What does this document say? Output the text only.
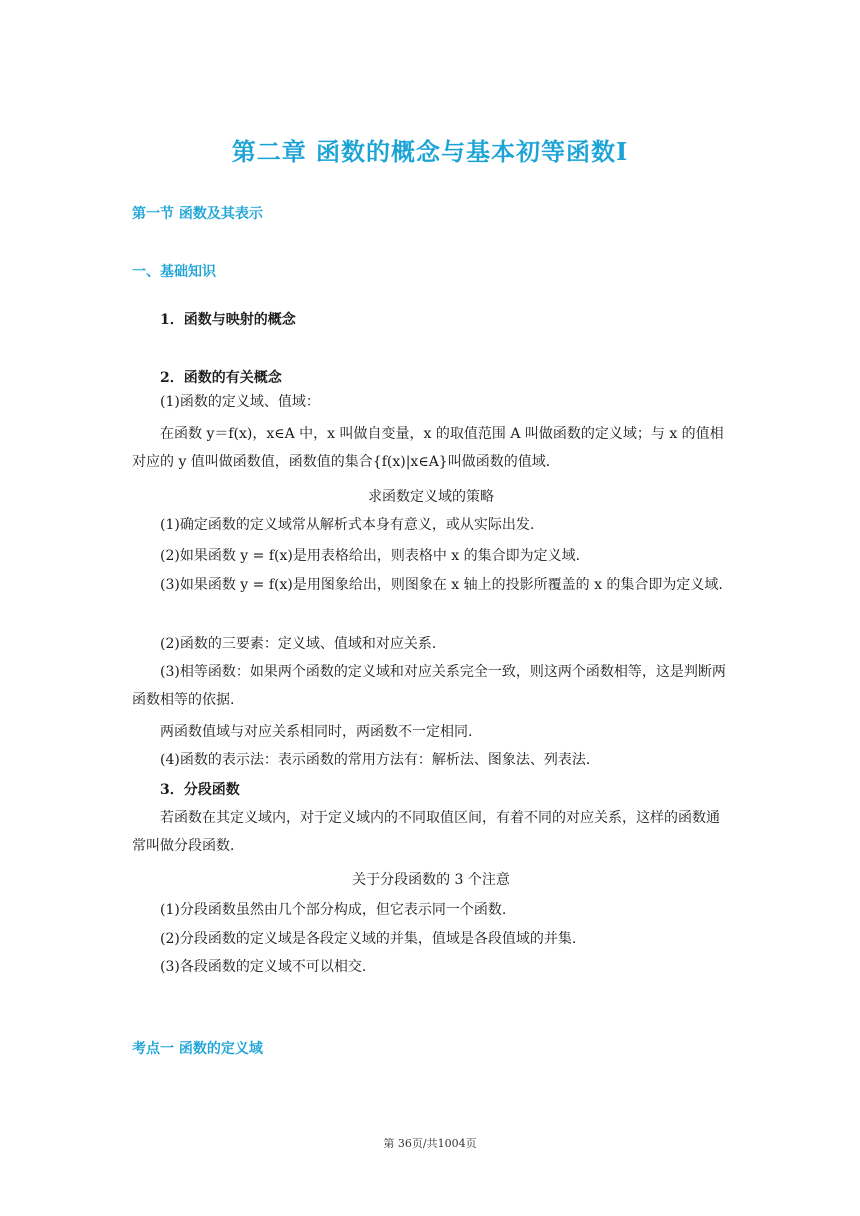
第二章 函数的概念与基本初等函数Ⅰ
第一节 函数及其表示
一、基础知识
1．函数与映射的概念
2．函数的有关概念
(1)函数的定义域、值域：
在函数 y＝f(x)，x∈A 中，x 叫做自变量，x 的取值范围 A 叫做函数的定义域；与 x 的值相对应的 y 值叫做函数值，函数值的集合{f(x)|x∈A}叫做函数的值域．
求函数定义域的策略
(1)确定函数的定义域常从解析式本身有意义，或从实际出发.
(2)如果函数 y = f(x)是用表格给出，则表格中 x 的集合即为定义域.
(3)如果函数 y = f(x)是用图象给出，则图象在 x 轴上的投影所覆盖的 x 的集合即为定义域.
(2)函数的三要素：定义域、值域和对应关系．
(3)相等函数：如果两个函数的定义域和对应关系完全一致，则这两个函数相等，这是判断两函数相等的依据.
两函数值域与对应关系相同时，两函数不一定相同.
(4)函数的表示法：表示函数的常用方法有：解析法、图象法、列表法．
3．分段函数
若函数在其定义域内，对于定义域内的不同取值区间，有着不同的对应关系，这样的函数通常叫做分段函数．
关于分段函数的 3 个注意
(1)分段函数虽然由几个部分构成，但它表示同一个函数.
(2)分段函数的定义域是各段定义域的并集，值域是各段值域的并集.
(3)各段函数的定义域不可以相交.
考点一 函数的定义域
第 36页/共1004页
